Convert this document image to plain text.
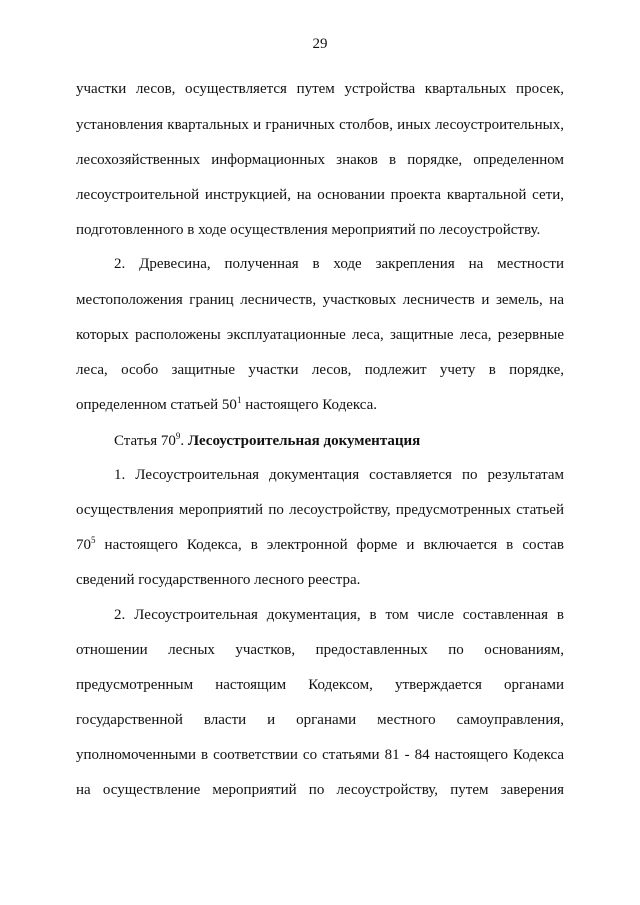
29
участки лесов, осуществляется путем устройства квартальных просек,
установления квартальных и граничных столбов, иных лесоустроительных,
лесохозяйственных информационных знаков в порядке, определенном
лесоустроительной инструкцией, на основании проекта квартальной сети,
подготовленного в ходе осуществления мероприятий по лесоустройству.
2. Древесина, полученная в ходе закрепления на местности
местоположения границ лесничеств, участковых лесничеств и земель, на
которых расположены эксплуатационные леса, защитные леса, резервные
леса, особо защитные участки лесов, подлежит учету в порядке,
определенном статьей $50^1$ настоящего Кодекса.
Статья $70^9$. Лесоустроительная документация
1. Лесоустроительная документация составляется по результатам
осуществления мероприятий по лесоустройству, предусмотренных статьей
$70^5$ настоящего Кодекса, в электронной форме и включается в состав
сведений государственного лесного реестра.
2. Лесоустроительная документация, в том числе составленная в
отношении лесных участков, предоставленных по основаниям,
предусмотренным настоящим Кодексом, утверждается органами
государственной власти и органами местного самоуправления,
уполномоченными в соответствии со статьями 81 - 84 настоящего Кодекса
на осуществление мероприятий по лесоустройству, путем заверения
